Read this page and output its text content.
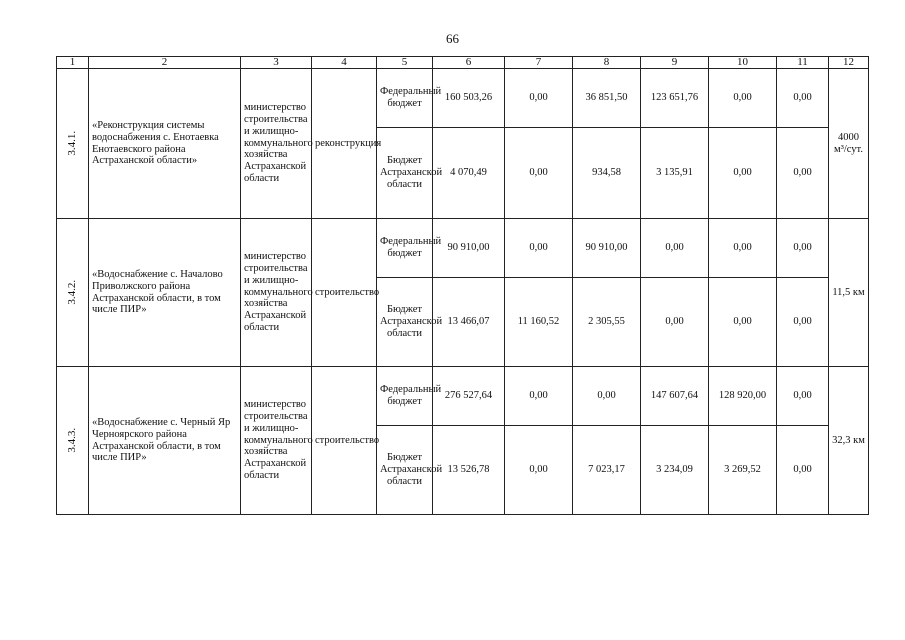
66
1	2	3	4	5	6	7	8	9	10	11	12
3.4.1.	«Реконструкция системы водоснабжения с. Енотаевка Енотаевского района Астраханской области»	министерство строительства и жилищно-коммунального хозяйства Астраханской области	реконструкция	Федеральный бюджет	160 503,26	0,00	36 851,50	123 651,76	0,00	0,00	4000 м³/сут.
				Бюджет Астраханской области	4 070,49	0,00	934,58	3 135,91	0,00	0,00	
3.4.2.	«Водоснабжение с. Началово Приволжского района Астраханской области, в том числе ПИР»	министерство строительства и жилищно-коммунального хозяйства Астраханской области	строительство	Федеральный бюджет	90 910,00	0,00	90 910,00	0,00	0,00	0,00	11,5 км
				Бюджет Астраханской области	13 466,07	11 160,52	2 305,55	0,00	0,00	0,00	
3.4.3.	«Водоснабжение с. Черный Яр Черноярского района Астраханской области, в том числе ПИР»	министерство строительства и жилищно-коммунального хозяйства Астраханской области	строительство	Федеральный бюджет	276 527,64	0,00	0,00	147 607,64	128 920,00	0,00	32,3 км
				Бюджет Астраханской области	13 526,78	0,00	7 023,17	3 234,09	3 269,52	0,00	
